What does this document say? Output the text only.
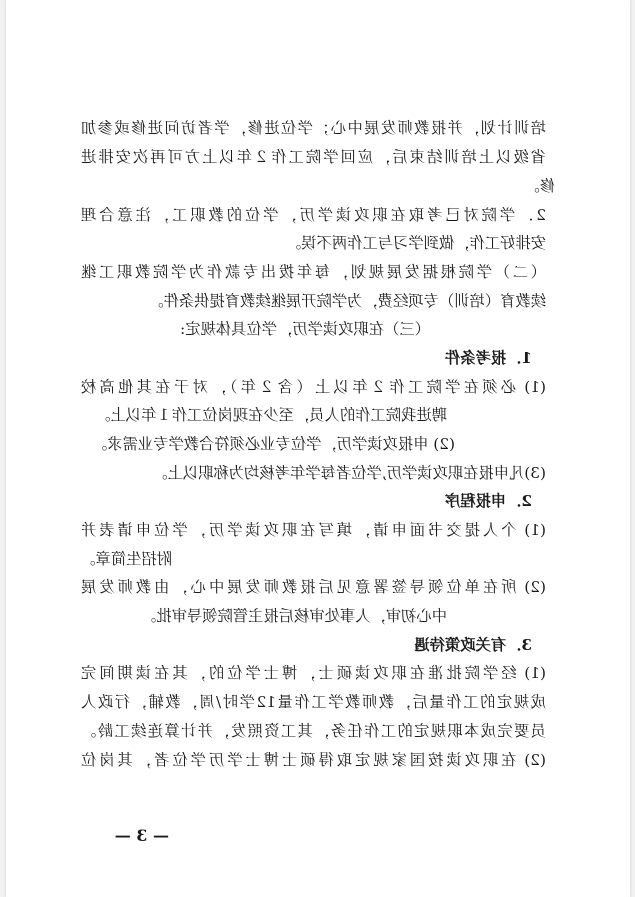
培训计划，并报教师发展中心；学位进修，学者访问进修或参加
省级以上培训结束后，应回学院工作２年以上方可再次安排进
修。
2．学院对已考取在职攻读学历，学位的教职工，注意合理
安排好工作，做到学习与工作两不误。
（二）学院根据发展规划，每年拨出专款作为学院教职工继
续教育（培训）专项经费，为学院开展继续教育提供条件。
（三）在职攻读学历，学位具体规定:
1．报考条件
(1) 必须在学院工作２年以上（含２年），对于在其他高校
聘进我院工作的人员，至少在现岗位工作１年以上。
(2) 申报攻读学历，学位专业必须符合教学专业需求。
(3)凡申报在职攻读学历,学位者每学年考核均为称职以上。
2．申报程序
(1) 个人提交书面申请，填写在职攻读学历，学位申请表并
附招生简章。
(2) 所在单位领导签署意见后报教师发展中心，由教师发展
中心初审，人事处审核后报主管院领导审批。
3．有关政策待遇
(1) 经学院批准在职攻读硕士，博士学位的，其在读期间完
成规定的工作量后，教师教学工作量12学时/周，教辅，行政人
员要完成本职规定的工作任务，其工资照发，并计算连续工龄。
(2) 在职攻读按国家规定取得硕士博士学历学位者，其岗位
— 3 —
